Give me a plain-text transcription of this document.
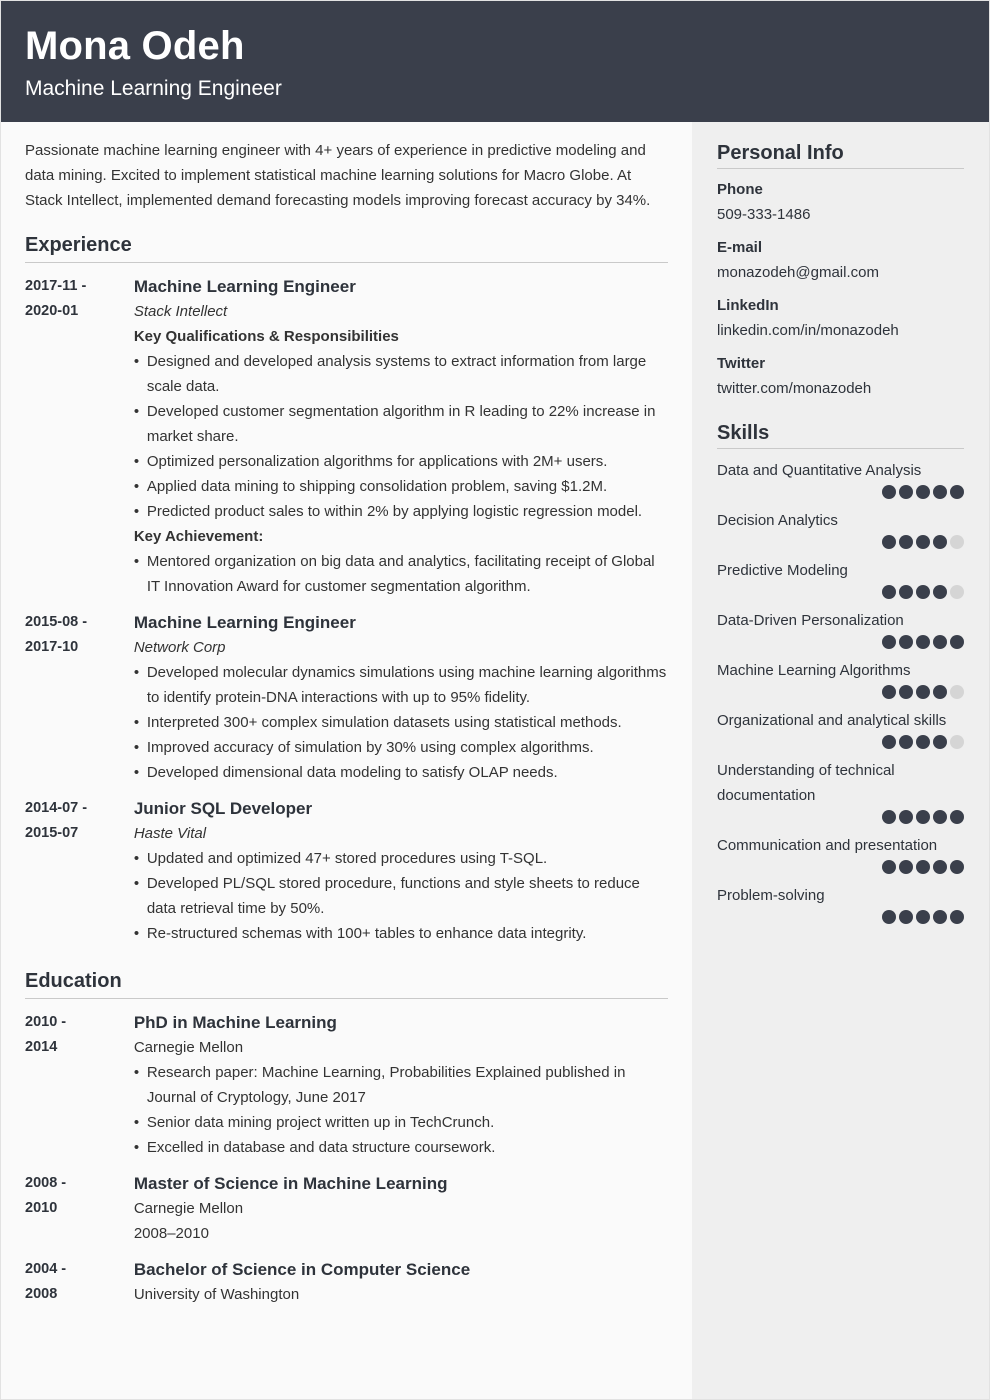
Mona Odeh
Machine Learning Engineer

Passionate machine learning engineer with 4+ years of experience in predictive modeling and data mining. Excited to implement statistical machine learning solutions for Macro Globe. At Stack Intellect, implemented demand forecasting models improving forecast accuracy by 34%.

Experience
2017-11 -
2020-01
Machine Learning Engineer
Stack Intellect
Key Qualifications & Responsibilities
• Designed and developed analysis systems to extract information from large scale data.
• Developed customer segmentation algorithm in R leading to 22% increase in market share.
• Optimized personalization algorithms for applications with 2M+ users.
• Applied data mining to shipping consolidation problem, saving $1.2M.
• Predicted product sales to within 2% by applying logistic regression model.
Key Achievement:
• Mentored organization on big data and analytics, facilitating receipt of Global IT Innovation Award for customer segmentation algorithm.
2015-08 -
2017-10
Machine Learning Engineer
Network Corp
• Developed molecular dynamics simulations using machine learning algorithms to identify protein-DNA interactions with up to 95% fidelity.
• Interpreted 300+ complex simulation datasets using statistical methods.
• Improved accuracy of simulation by 30% using complex algorithms.
• Developed dimensional data modeling to satisfy OLAP needs.
2014-07 -
2015-07
Junior SQL Developer
Haste Vital
• Updated and optimized 47+ stored procedures using T-SQL.
• Developed PL/SQL stored procedure, functions and style sheets to reduce data retrieval time by 50%.
• Re-structured schemas with 100+ tables to enhance data integrity.
Education
2010 -
2014
PhD in Machine Learning
Carnegie Mellon
• Research paper: Machine Learning, Probabilities Explained published in Journal of Cryptology, June 2017
• Senior data mining project written up in TechCrunch.
• Excelled in database and data structure coursework.
2008 -
2010
Master of Science in Machine Learning
Carnegie Mellon
2008–2010
2004 -
2008
Bachelor of Science in Computer Science
University of Washington
Personal Info
Phone
509-333-1486
E-mail
monazodeh@gmail.com
LinkedIn
linkedin.com/in/monazodeh
Twitter
twitter.com/monazodeh
Skills
Data and Quantitative Analysis
Decision Analytics
Predictive Modeling
Data-Driven Personalization
Machine Learning Algorithms
Organizational and analytical skills
Understanding of technical documentation
Communication and presentation
Problem-solving
